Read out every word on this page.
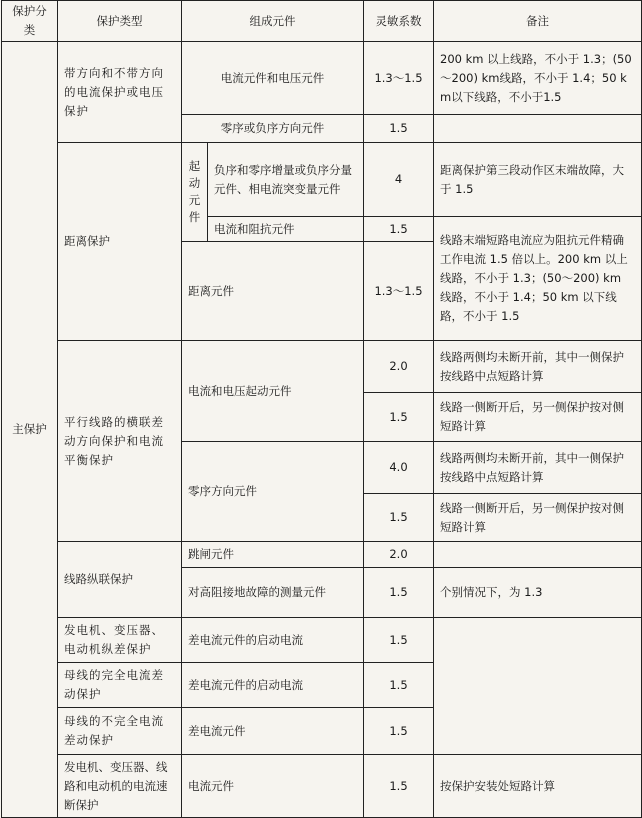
保护分类	保护类型	组成元件		灵敏系数	备注
主保护	带方向和不带方向的电流保护或电压保护	电流元件和电压元件		1.3～1.5	200 km 以上线路，不小于 1.3；(50～200) km线路，不小于 1.4；50 km以下线路，不小于1.5
		零序或负序方向元件		1.5	
	距离保护	起动元件	负序和零序增量或负序分量元件、相电流突变量元件	4	距离保护第三段动作区末端故障，大于 1.5
			电流和阻抗元件	1.5	线路末端短路电流应为阻抗元件精确工作电流 1.5 倍以上。200 km 以上线路，不小于 1.3；(50～200) km 线路，不小于 1.4；50 km 以下线路，不小于 1.5
		距离元件		1.3～1.5	
	平行线路的横联差动方向保护和电流平衡保护	电流和电压起动元件		2.0	线路两侧均未断开前，其中一侧保护按线路中点短路计算
				1.5	线路一侧断开后，另一侧保护按对侧短路计算
		零序方向元件		4.0	线路两侧均未断开前，其中一侧保护按线路中点短路计算
				1.5	线路一侧断开后，另一侧保护按对侧短路计算
	线路纵联保护	跳闸元件		2.0	
		对高阻接地故障的测量元件		1.5	个别情况下，为 1.3
	发电机、变压器、电动机纵差保护	差电流元件的启动电流		1.5	
	母线的完全电流差动保护	差电流元件的启动电流		1.5	
	母线的不完全电流差动保护	差电流元件		1.5	
	发电机、变压器、线路和电动机的电流速断保护	电流元件		1.5	按保护安装处短路计算
